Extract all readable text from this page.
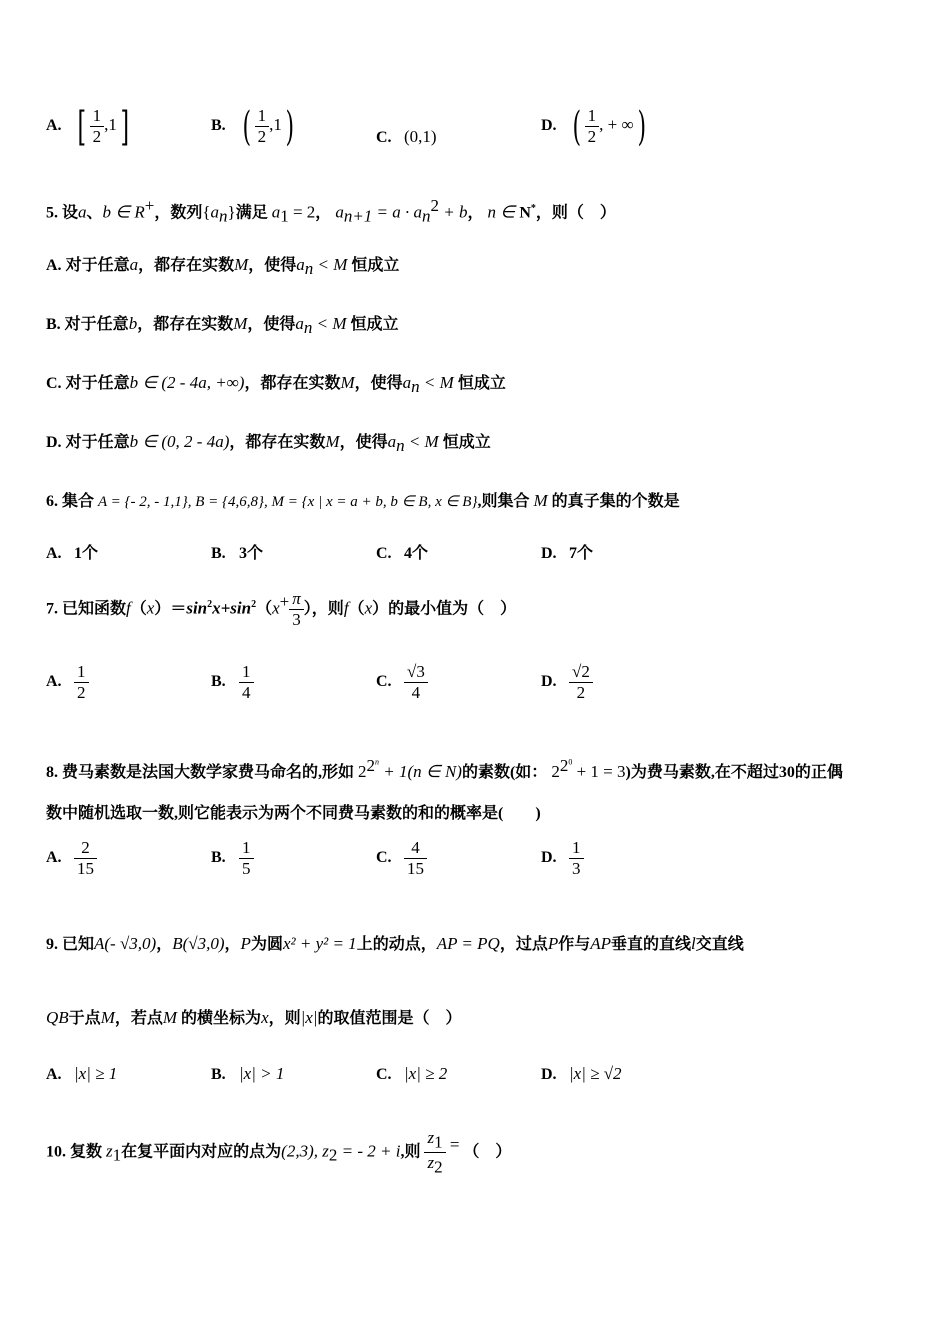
A. [ $\frac{1}{2} ,1$]	B. ( $\frac{1}{2} ,1$)	C. (0,1)
D. ( $\frac{1}{2}$ , + ∞)
5. 设a、b ∈ R+，数列$\{a_n\}$满足 $a_1 = 2$， $a_{n+1} = a \cdot a_n^2 + b$， n ∈ N*，则（　）
A. 对于任意a，都存在实数M，使得$a_n < M$ 恒成立
B. 对于任意b，都存在实数M，使得$a_n < M$ 恒成立
C. 对于任意b ∈ (2 - 4a, +∞)，都存在实数M，使得$a_n < M$ 恒成立
D. 对于任意b ∈ (0, 2 - 4a)，都存在实数M，使得$a_n < M$ 恒成立
6. 集合 A = {- 2, - 1,1}, B = {4,6,8}, M = {x | x = a + b, b ∈ B, x ∈ B},则集合 M 的真子集的个数是
A. 1个	B. 3个	C. 4个	D. 7个
7. 已知函数$f(x)=\sin^2x+\sin^2(x+ \frac{\pi}{3}$ ），则f（x）的最小值为（　）
A. $\frac{1}{2}$	B. $\frac{1}{4}$	C. $\frac{√3}{4}$	D. $\frac{√2}{2}$
8. 费马素数是法国大数学家费马命名的,形如 $2^{2^n} + 1(n$ ∈ N)的素数(如： $2^{2^0} + 1 = 3$)为费马素数,在不超过30的正偶
数中随机选取一数,则它能表示为两个不同费马素数的和的概率是(　　)
A. $\frac{2}{15}$	B. $\frac{1}{5}$	C. $\frac{4}{15}$	D. $\frac{1}{3}$
9. 已知A(- √3,0)，B(√3,0)，P为圆x² + y² = 1上的动点，AP = PQ，过点P作与AP垂直的直线l交直线
QB于点M，若点M 的横坐标为x，则|x|的取值范围是（　）
A. |x| ≥ 1	B. |x| > 1	C. |x| ≥ 2	D. |x| ≥ √2
10. 复数 $z_1$在复平面内对应的点为(2,3), $z_2$ = - 2 + i,则 $\frac{z_1}{z_2}$ = （　）
